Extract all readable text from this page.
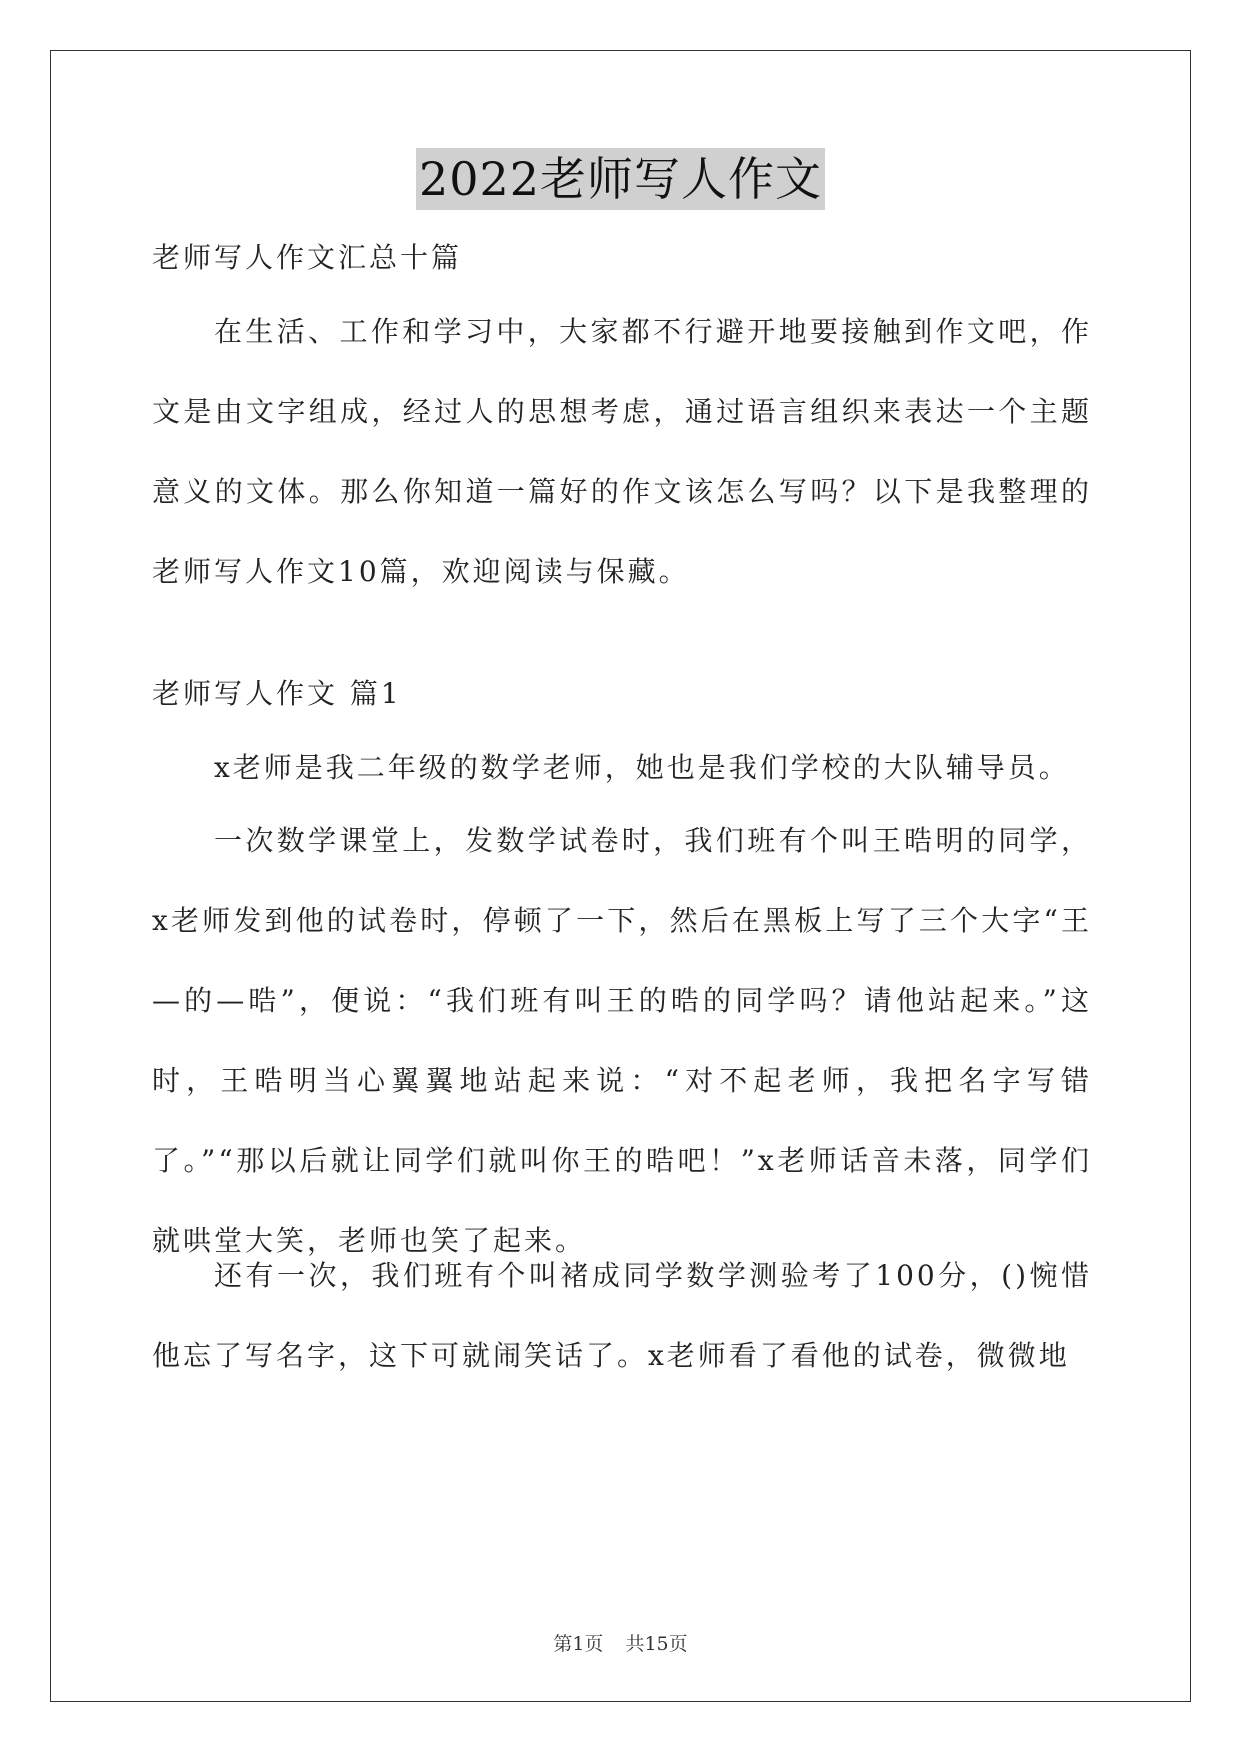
2022老师写人作文

老师写人作文汇总十篇

在生活、工作和学习中，大家都不行避开地要接触到作文吧，作文是由文字组成，经过人的思想考虑，通过语言组织来表达一个主题意义的文体。那么你知道一篇好的作文该怎么写吗？以下是我整理的老师写人作文10篇，欢迎阅读与保藏。

老师写人作文 篇1

x老师是我二年级的数学老师，她也是我们学校的大队辅导员。

一次数学课堂上，发数学试卷时，我们班有个叫王晧明的同学，x老师发到他的试卷时，停顿了一下，然后在黑板上写了三个大字“王—的—晧”，便说：“我们班有叫王的晧的同学吗？请他站起来。”这时，王晧明当心翼翼地站起来说：“对不起老师，我把名字写错了。”“那以后就让同学们就叫你王的晧吧！”x老师话音未落，同学们就哄堂大笑，老师也笑了起来。

还有一次，我们班有个叫褚成同学数学测验考了100分，()惋惜他忘了写名字，这下可就闹笑话了。x老师看了看他的试卷，微微地

第1页 共15页
